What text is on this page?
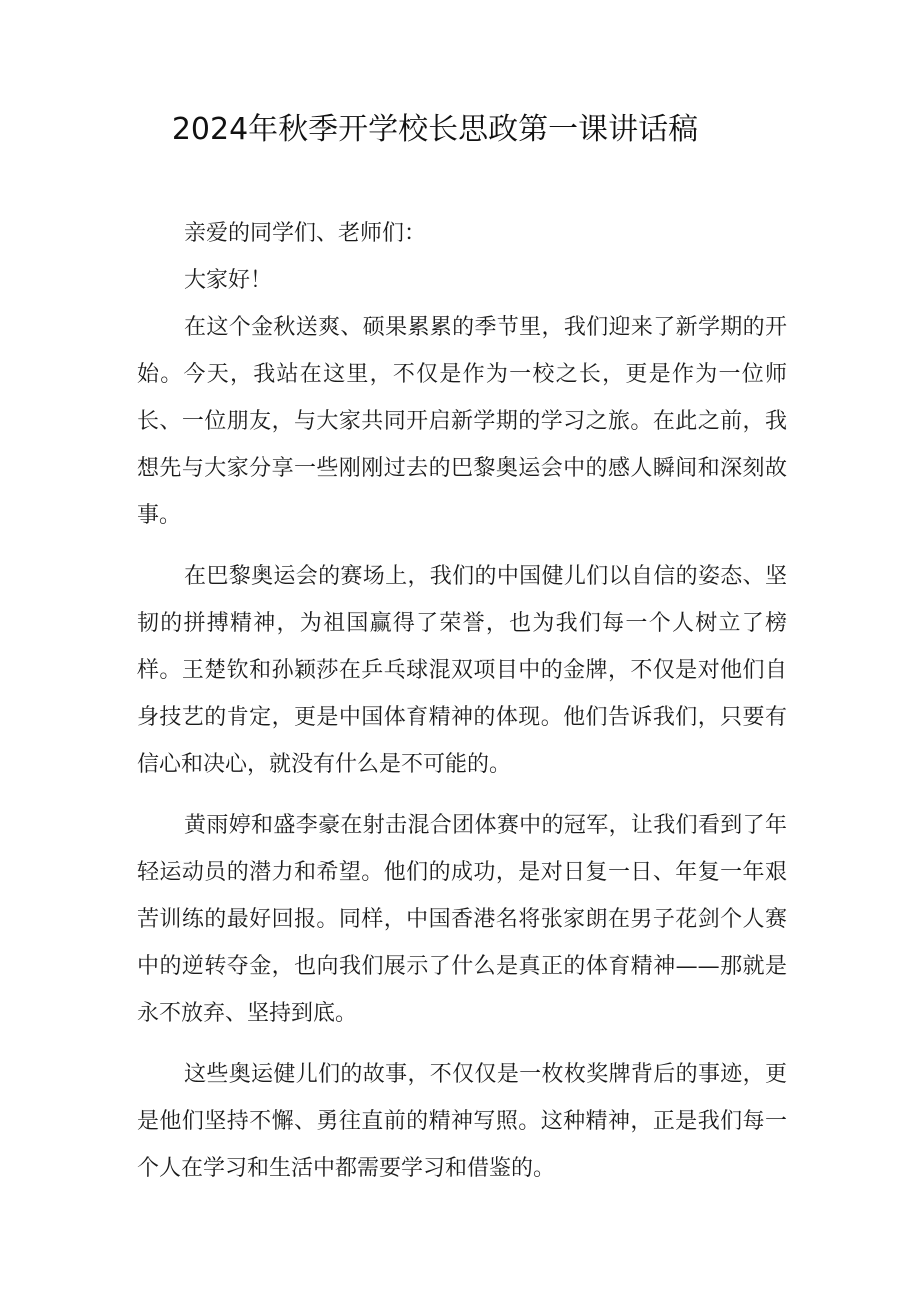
2024年秋季开学校长思政第一课讲话稿

亲爱的同学们、老师们：

大家好！

在这个金秋送爽、硕果累累的季节里，我们迎来了新学期的开始。今天，我站在这里，不仅是作为一校之长，更是作为一位师长、一位朋友，与大家共同开启新学期的学习之旅。在此之前，我想先与大家分享一些刚刚过去的巴黎奥运会中的感人瞬间和深刻故事。

在巴黎奥运会的赛场上，我们的中国健儿们以自信的姿态、坚韧的拼搏精神，为祖国赢得了荣誉，也为我们每一个人树立了榜样。王楚钦和孙颖莎在乒乓球混双项目中的金牌，不仅是对他们自身技艺的肯定，更是中国体育精神的体现。他们告诉我们，只要有信心和决心，就没有什么是不可能的。

黄雨婷和盛李豪在射击混合团体赛中的冠军，让我们看到了年轻运动员的潜力和希望。他们的成功，是对日复一日、年复一年艰苦训练的最好回报。同样，中国香港名将张家朗在男子花剑个人赛中的逆转夺金，也向我们展示了什么是真正的体育精神——那就是永不放弃、坚持到底。

这些奥运健儿们的故事，不仅仅是一枚枚奖牌背后的事迹，更是他们坚持不懈、勇往直前的精神写照。这种精神，正是我们每一个人在学习和生活中都需要学习和借鉴的。
